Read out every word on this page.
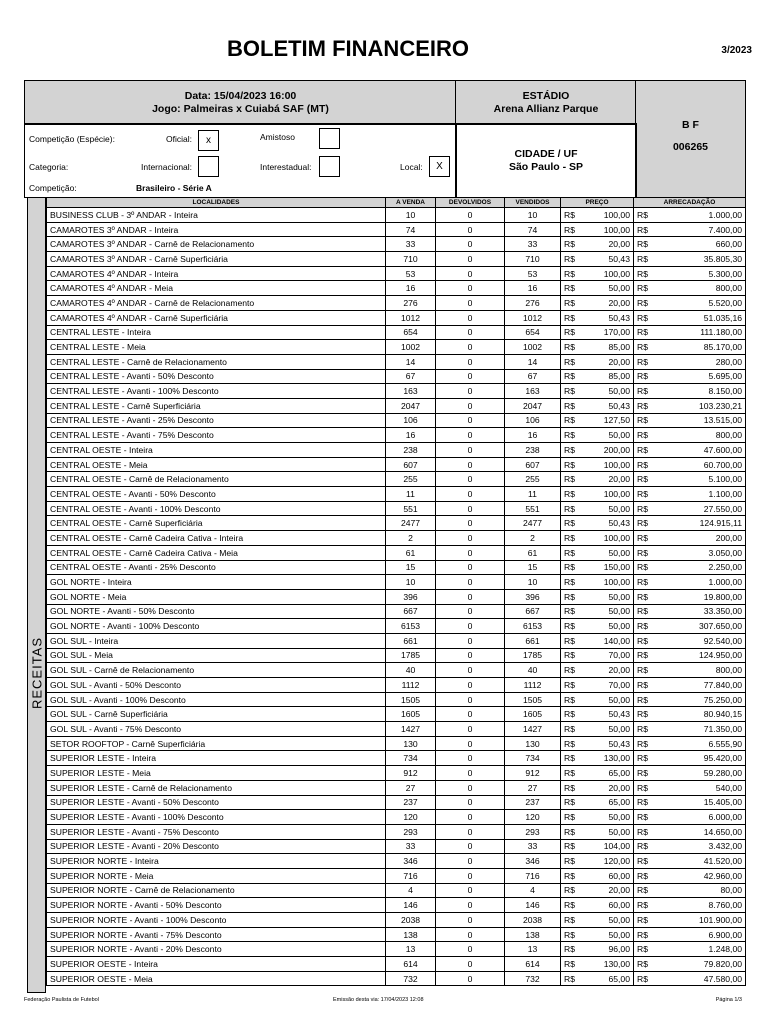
BOLETIM FINANCEIRO	3/2023
Data: 15/04/2023 16:00
Jogo: Palmeiras x Cuiabá SAF (MT)
ESTÁDIO
Arena Allianz Parque
B F
006265
Competição (Espécie):	Oficial:	x	Amistoso
Categoria:	Internacional:	Interestadual:	Local:	X
Competição:	Brasileiro - Série A
CIDADE / UF
São Paulo - SP
RECEITAS
LOCALIDADES	A VENDA	DEVOLVIDOS	VENDIDOS	PREÇO	ARRECADAÇÃO
BUSINESS CLUB - 3º ANDAR - Inteira	10	0	10	R$ 100,00	R$ 1.000,00
CAMAROTES 3º ANDAR - Inteira	74	0	74	R$ 100,00	R$ 7.400,00
CAMAROTES 3º ANDAR - Carnê de Relacionamento	33	0	33	R$ 20,00	R$ 660,00
CAMAROTES 3º ANDAR - Carnê Superficiária	710	0	710	R$ 50,43	R$ 35.805,30
CAMAROTES 4º ANDAR - Inteira	53	0	53	R$ 100,00	R$ 5.300,00
CAMAROTES 4º ANDAR - Meia	16	0	16	R$ 50,00	R$ 800,00
CAMAROTES 4º ANDAR - Carnê de Relacionamento	276	0	276	R$ 20,00	R$ 5.520,00
CAMAROTES 4º ANDAR - Carnê Superficiária	1012	0	1012	R$ 50,43	R$ 51.035,16
CENTRAL LESTE - Inteira	654	0	654	R$ 170,00	R$ 111.180,00
CENTRAL LESTE - Meia	1002	0	1002	R$ 85,00	R$ 85.170,00
CENTRAL LESTE - Carnê de Relacionamento	14	0	14	R$ 20,00	R$ 280,00
CENTRAL LESTE - Avanti - 50% Desconto	67	0	67	R$ 85,00	R$ 5.695,00
CENTRAL LESTE - Avanti - 100% Desconto	163	0	163	R$ 50,00	R$ 8.150,00
CENTRAL LESTE - Carnê Superficiária	2047	0	2047	R$ 50,43	R$ 103.230,21
CENTRAL LESTE - Avanti - 25% Desconto	106	0	106	R$ 127,50	R$ 13.515,00
CENTRAL LESTE - Avanti - 75% Desconto	16	0	16	R$ 50,00	R$ 800,00
CENTRAL OESTE - Inteira	238	0	238	R$ 200,00	R$ 47.600,00
CENTRAL OESTE - Meia	607	0	607	R$ 100,00	R$ 60.700,00
CENTRAL OESTE - Carnê de Relacionamento	255	0	255	R$ 20,00	R$ 5.100,00
CENTRAL OESTE - Avanti - 50% Desconto	11	0	11	R$ 100,00	R$ 1.100,00
CENTRAL OESTE - Avanti - 100% Desconto	551	0	551	R$ 50,00	R$ 27.550,00
CENTRAL OESTE - Carnê Superficiária	2477	0	2477	R$ 50,43	R$ 124.915,11
CENTRAL OESTE - Carnê Cadeira Cativa - Inteira	2	0	2	R$ 100,00	R$ 200,00
CENTRAL OESTE - Carnê Cadeira Cativa - Meia	61	0	61	R$ 50,00	R$ 3.050,00
CENTRAL OESTE - Avanti - 25% Desconto	15	0	15	R$ 150,00	R$ 2.250,00
GOL NORTE - Inteira	10	0	10	R$ 100,00	R$ 1.000,00
GOL NORTE - Meia	396	0	396	R$ 50,00	R$ 19.800,00
GOL NORTE - Avanti - 50% Desconto	667	0	667	R$ 50,00	R$ 33.350,00
GOL NORTE - Avanti - 100% Desconto	6153	0	6153	R$ 50,00	R$ 307.650,00
GOL SUL - Inteira	661	0	661	R$ 140,00	R$ 92.540,00
GOL SUL - Meia	1785	0	1785	R$ 70,00	R$ 124.950,00
GOL SUL - Carnê de Relacionamento	40	0	40	R$ 20,00	R$ 800,00
GOL SUL - Avanti - 50% Desconto	1112	0	1112	R$ 70,00	R$ 77.840,00
GOL SUL - Avanti - 100% Desconto	1505	0	1505	R$ 50,00	R$ 75.250,00
GOL SUL - Carnê Superficiária	1605	0	1605	R$ 50,43	R$ 80.940,15
GOL SUL - Avanti - 75% Desconto	1427	0	1427	R$ 50,00	R$ 71.350,00
SETOR ROOFTOP - Carnê Superficiária	130	0	130	R$ 50,43	R$ 6.555,90
SUPERIOR LESTE - Inteira	734	0	734	R$ 130,00	R$ 95.420,00
SUPERIOR LESTE - Meia	912	0	912	R$ 65,00	R$ 59.280,00
SUPERIOR LESTE - Carnê de Relacionamento	27	0	27	R$ 20,00	R$ 540,00
SUPERIOR LESTE - Avanti - 50% Desconto	237	0	237	R$ 65,00	R$ 15.405,00
SUPERIOR LESTE - Avanti - 100% Desconto	120	0	120	R$ 50,00	R$ 6.000,00
SUPERIOR LESTE - Avanti - 75% Desconto	293	0	293	R$ 50,00	R$ 14.650,00
SUPERIOR LESTE - Avanti - 20% Desconto	33	0	33	R$ 104,00	R$ 3.432,00
SUPERIOR NORTE - Inteira	346	0	346	R$ 120,00	R$ 41.520,00
SUPERIOR NORTE - Meia	716	0	716	R$ 60,00	R$ 42.960,00
SUPERIOR NORTE - Carnê de Relacionamento	4	0	4	R$ 20,00	R$ 80,00
SUPERIOR NORTE - Avanti - 50% Desconto	146	0	146	R$ 60,00	R$ 8.760,00
SUPERIOR NORTE - Avanti - 100% Desconto	2038	0	2038	R$ 50,00	R$ 101.900,00
SUPERIOR NORTE - Avanti - 75% Desconto	138	0	138	R$ 50,00	R$ 6.900,00
SUPERIOR NORTE - Avanti - 20% Desconto	13	0	13	R$ 96,00	R$ 1.248,00
SUPERIOR OESTE - Inteira	614	0	614	R$ 130,00	R$ 79.820,00
SUPERIOR OESTE - Meia	732	0	732	R$ 65,00	R$ 47.580,00
Federação Paulista de Futebol	Emissão desta via: 17/04/2023 12:08	Página 1/3
